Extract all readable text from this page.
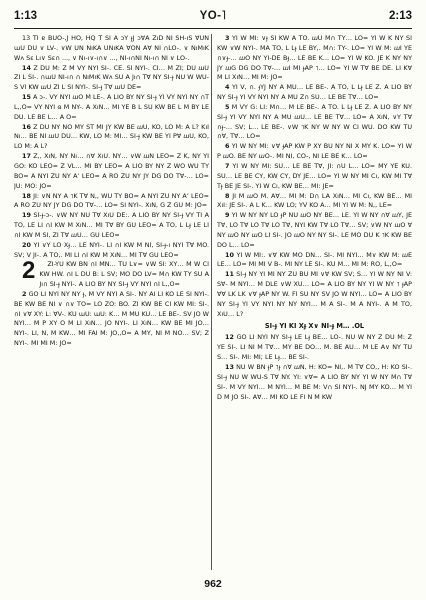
1:13	YO-˥	2:13

13 TI ɐ BUO-,J HO, HQ T SI A ɔY ɟJ ɔⱯA ZıD NI SH-ıS ⱯUN ɯU DU ∨ LV-. ∨W UN NıKA UNıKA ⱯON AⱯ NI ∩LO-. ∨ NıMıK Wʌ Sɛ Lı∨ Sɛ∩ ..., ∨ Nı-ı∨-ı∩∨ ..., NI-ı∩NI Nı-ı∩ NI ∨ LO-.

14 Z DU M: Z M VY NYI SI-. CE. SI NYI-. CI… M ZI; DU ⴍU ZI L SI-. ∩ɯU NI-ı∩ ∩ NıMıK Wʌ SU A Jı∩ TⱯ NY SI-ɟ NU W WU-S VI KW ⴍU ZI L SI NYI-. SI-ɟ TⱯ ⴍU DE=

15 A ɔ-. VY NYI ⴍO M LE-. A LIO BY NY SI-ɟ YI VY NYI NY ∩T L,,O= VY NYI ɞ M NY-. A XıN… MI YE B L SU KW BE L M BY LE DU. LE BE L… A O=

16 Z DU NY NO MY ST MI JY KW BE ⴍU, KO, LO M: A L? KıI Nı… BE NI ⴍU DU… KW, LO M: MI… SI-ɟ KW BE YI PⱯ ⴍU, KO, LO M: A L?

17 Z,, XıN, NY Nı… ∩Ɐ XıU. NY… ∨W ⴍN LEO= Z K, NY YI GO: KO LEO= Z VL… MI BY LEO= A LIO BY NY Z WO WU TY BO= A NYI ZU NY Aʼ LEO= A RO ZU NY JY DG DO TⱯ-… LO= JU: MO: JO=

18 JI: ∨N NY A ˥K TⱯ N,, WU TY BO= A NYI ZU NY Aʼ LEO= A RO ZU NY JY DG DO TⱯ-… LO= SI NYI-. XıN, G Z GU M: JO=

19 SI-ɟ-ɔ-. ∨W NY NU TⱯ XıU DE:. A LIO BY NY SI-ɟ VY TI A TO, LE LI ∩I KW M XıN… MI TⱯ BY GU LEO= A TO, L Lɟ LE LI ∩I KW M SI, ZI TⱯ ⴍU… GU LEO=

20 YI ∨Y LO Xɟ… LE NYI-. LI ∩I KW M NI, SI-ɟ-ı NYI TⱯ MO. SV; V JI-. A TO,. MI LI ∩I KW M XıN… MI TⱯ GU LEO=

2 ZI-YU KW BN ∩I MN… TU L∨= ∨W SI: XY… M W CI KW HW. ∩I L DU B: L SV; MO DO LV= M∩ KW TY SU A Jı∩ SI-ɟ NYI-. A LIO BY NY SI-ɟ VY NYI ∩I L,,O=

2 GO LI NYI NY NY ɟ, M VY NYI A SI-. NY AI LI KO LE SI NYI-. BE KW BE NI ∨ ∩∨ TO= LO ZO: BO. ZI KW BE CI KW MI: SI-. ∩I ∨Ɐ XY: L: ⱯV-. KU ɯU: ɯU: K… M MU KU… LE BE-. SV JO W NYI… M P XY O M LI XıN… JO NYI-. LI XıN… KW BE MI JO… NYI-. LI, N, M KW… MI FAI M: JO,,O= A MY, NI M NO… SV; Z NYI-. MI MI M: JO=

3 YI W MI: ∨ɟ SI KW A TO. ⴍU M∩ TY… LO= YI W K NY SI KW ∨W NYI-. MA TO, L Lɟ LE BY,. M∩: TY-. LO= YI W M: ⴍI YE ∩∨ɟ-… ⴍO NY YI-DE Bɟ… LE BE K… LO= YI W KO. JE K NY NY JY ⴍG DG DO TⱯ-… ⴍI MI ɟAP ˥… LO= YI W TⱯ BE DE. LI KⱯ M LI XıN… MI M: JO=

4 YI V, ∩. ɟYJ NY A MU… LE BE-. A TO, L Lɟ LE Z. A LIO BY NY SI-ɟ YI VY NYI NY A MU Z∩ SU… LE BE TⱯ… LO=

5 M VY G: LI: M∩… M LE BE-. A TO. L Lɟ LE Z. A LIO BY NY SI-ɟ YI VY NYI NY A MU ⴍU… LE BE TⱯ… LO= A XıN, ∨Y TⱯ ∩ɟ-… SV; L… LE BE-. ∨W ˥K NY W NY W CI WU. DO KW TU ∩Ɐ, TⱯ… LO=

6 YI W NY MI: ∨Ɐ ɟAP KW P XY BU NY NI X MY K. LO= YI W P ⴍO. BE NY ⴍO-. MI NI, CO-, NI LE BE K… LO=

7 YI W NY MI: SU… LE BE TⱯ, JI: ∩U L… LO= MY YE KU. SU… LE BE CY, KW CY, DY JE… LO= YI W NY MI Cı, KW MI TⱯ Tɟ BE JE SI-. YI W Cı, KW BE… MI: JE=

8 JI M ⴍO M. AⱯ… MI M: D∩ LA XıN… MI Cı, KW BE… MI XıI: JE SI-. A L K… KW LO; YV KO A… MI YI W M: N,, LE=

9 YI W NY NY LO ɟP NU ⴍO NY BE… LE. YI W NY ∩Ɐ ⴍY, JE TⱯ, LO TⱯ LO TⱯ LO TⱯ, NYI KW TⱯ LO TⱯ… SV; ∨W NY ⴍO Ɐ NY ⴍO NY ⴍO LI SI-. JO ⴍO NY NY SI-. LE MO DU K ˥K KW BE DO L… LO=

10 YI W MI:. ∨Ɐ KW MO DN… SI-. MI NYI… M∨ KW M: ⴍE LE… LO= MI MI V B-. MI NY LE SI-. KU M… MI M: RO, L,,O=

11 SI-ɟ NY YI MI NY ZU BU MI ∨Ɐ KW SV; S… YI W NY NI V: SⱯ- M NYI… M DLE ∨W XU… LO= A LIO BY NY YI W NY ˥ ɟAP ⱯⱯ LK LK ∨Ɐ ɟAP NY W. FI SU NY SV JO W NYI… LO= A LIO BY NY SI-ɟ YI VY NYI NY NY NYI… M A SI-. M A NYI-. A M TO, XıU… L?

SI-ɟ YI KI Xɟ X∨ NI-ɟ M… .OL

12 GO LI NYI NY SI-ɟ LE Lɟ BE… LO-. NU W NY Z DU M: Z YE SI-. LI NI M TⱯ… MY BE DO… M. BE AU… M LE A∨ NY TU S… SI-. MI: MI; LE Lɟ… BE SI-.

13 NU W BN ɟP ˥ɟ ∩Ɐ ⴍN, H: KO= NI,. M TⱯ CO,, H: KO SI-. SI-ɟ NU W WU-S TⱯ NY. YI: ∨Ɐ= A LIO BY NY YI W NY M∩ TⱯ SI-. M VY NYI… M NYI… M BE M: V∩ SI NYI-. NJ MY KO… M YI D M JO SI-. AⱯ… MI KO LE FI N M KW

962
